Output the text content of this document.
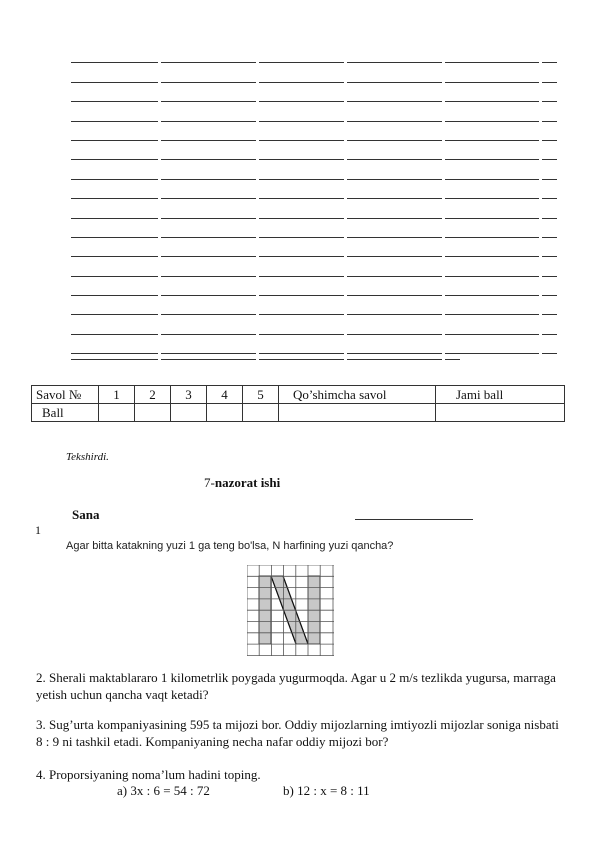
Savol №	1	2	3	4	5	Qo’shimcha savol	Jami ball
Ball							
Tekshirdi.
7-nazorat ishi
Sana
1
Agar bitta katakning yuzi 1 ga teng bo'lsa, N harfining yuzi qancha?
2. Sherali maktablararo 1 kilometrlik poygada yugurmoqda. Agar u 2 m/s tezlikda yugursa, marraga yetish uchun qancha vaqt ketadi?
3. Sug’urta kompaniyasining 595 ta mijozi bor. Oddiy mijozlarning imtiyozli mijozlar soniga nisbati 8 : 9 ni tashkil etadi. Kompaniyaning necha nafar oddiy mijozi bor?
4. Proporsiyaning noma’lum hadini toping.
a) 3x : 6 = 54 : 72	b) 12 : x = 8 : 11
